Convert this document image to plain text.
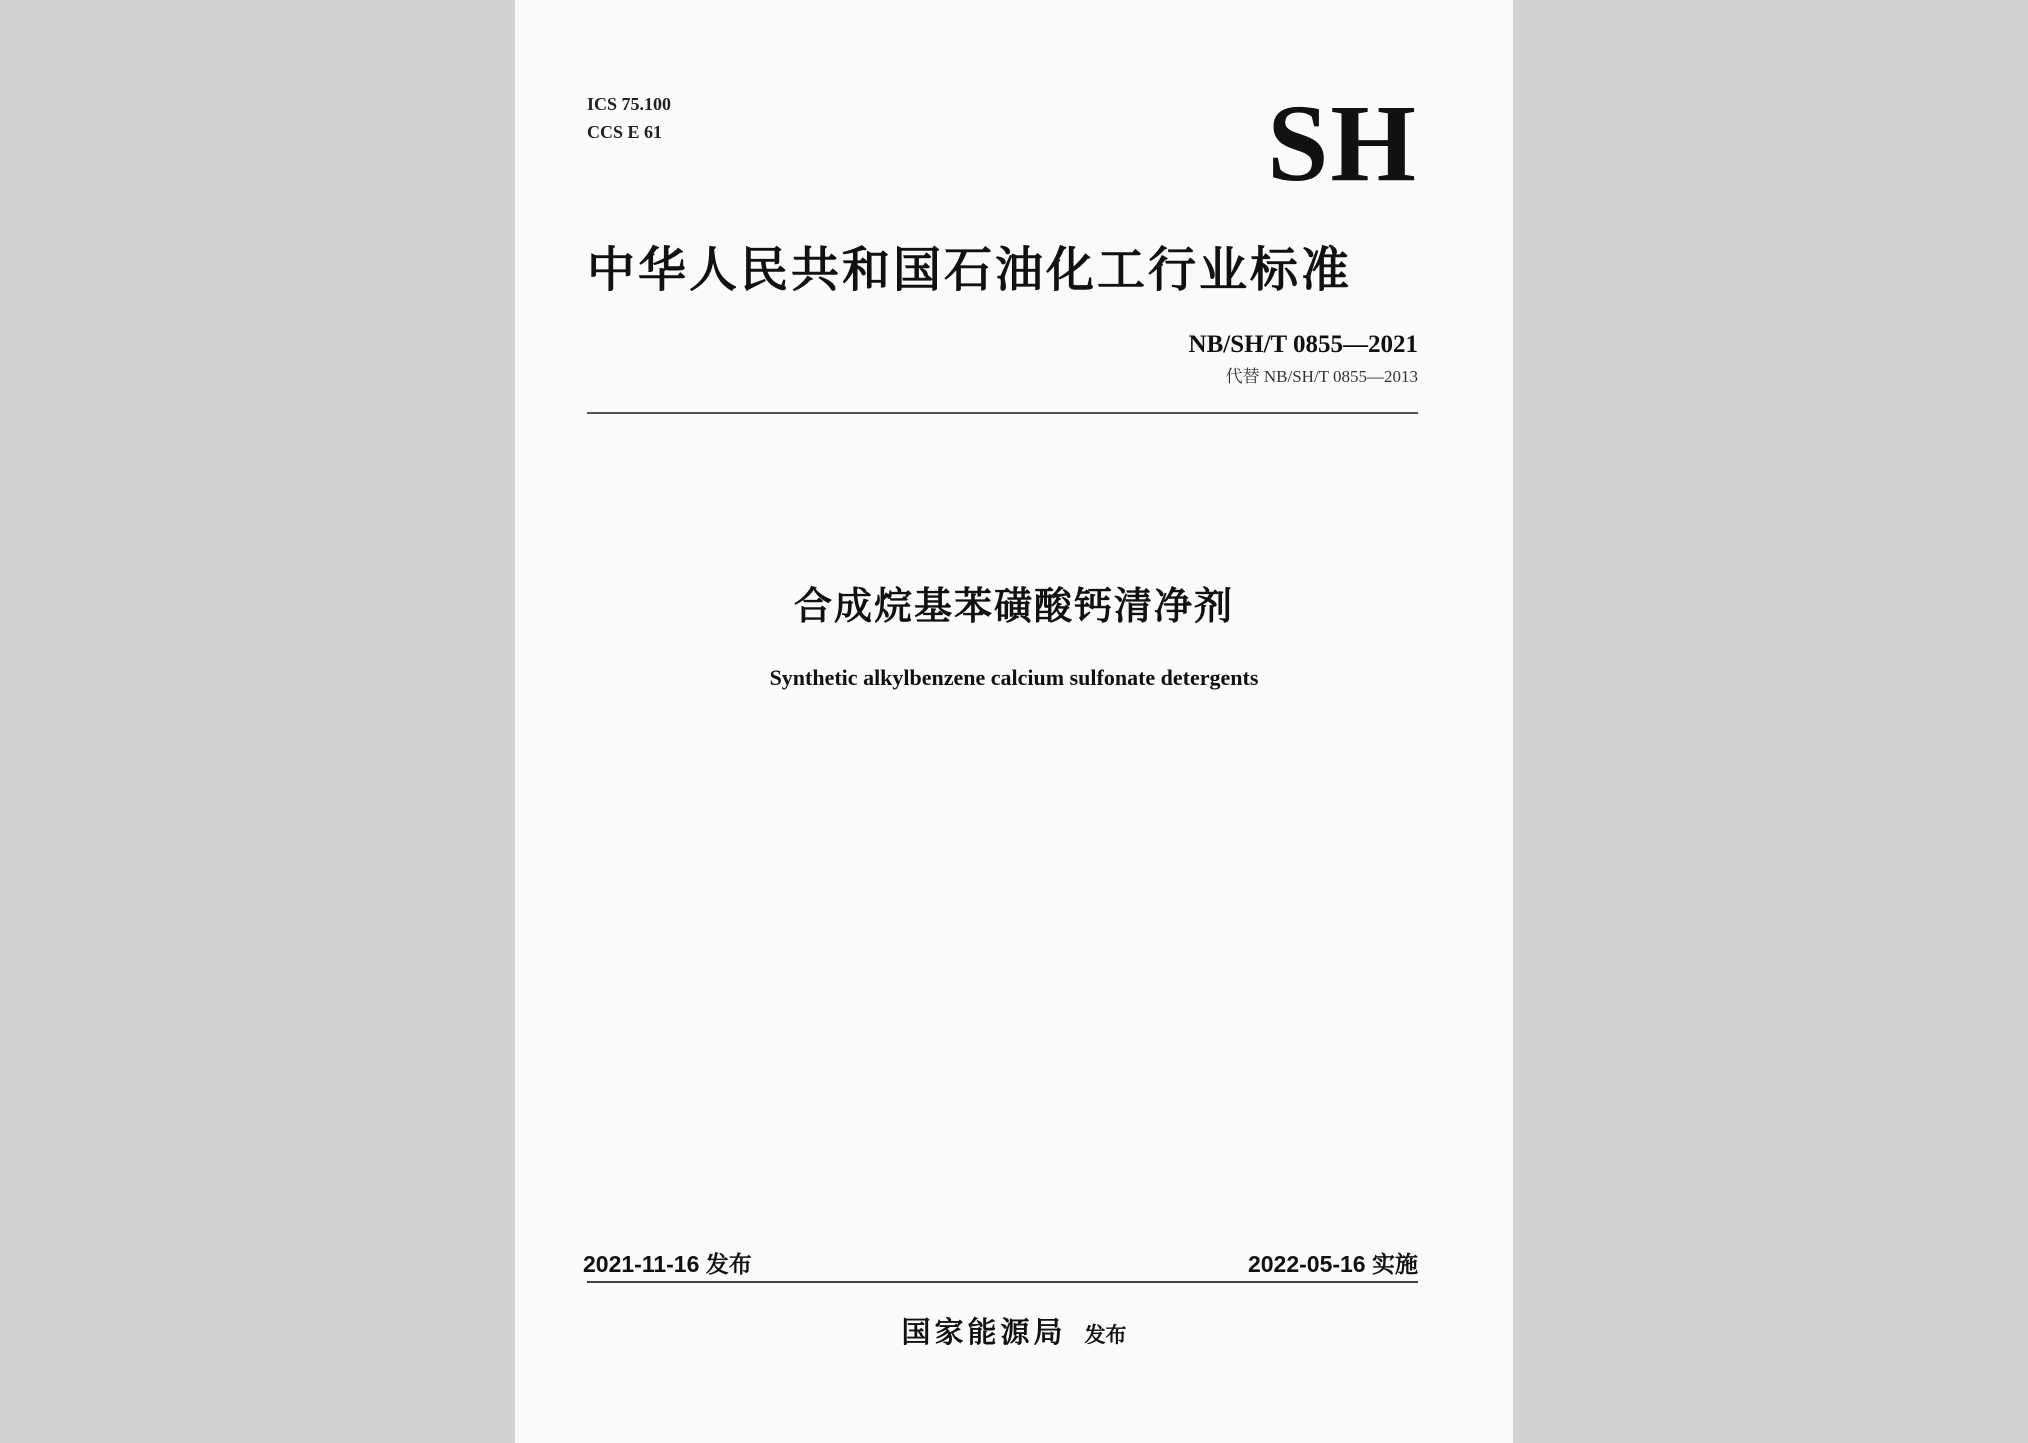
ICS 75.100
CCS E 61	SH
中华人民共和国石油化工行业标准
NB/SH/T 0855—2021
代替 NB/SH/T 0855—2013
合成烷基苯磺酸钙清净剂
Synthetic alkylbenzene calcium sulfonate detergents
2021-11-16 发布	2022-05-16 实施
国家能源局 发布
